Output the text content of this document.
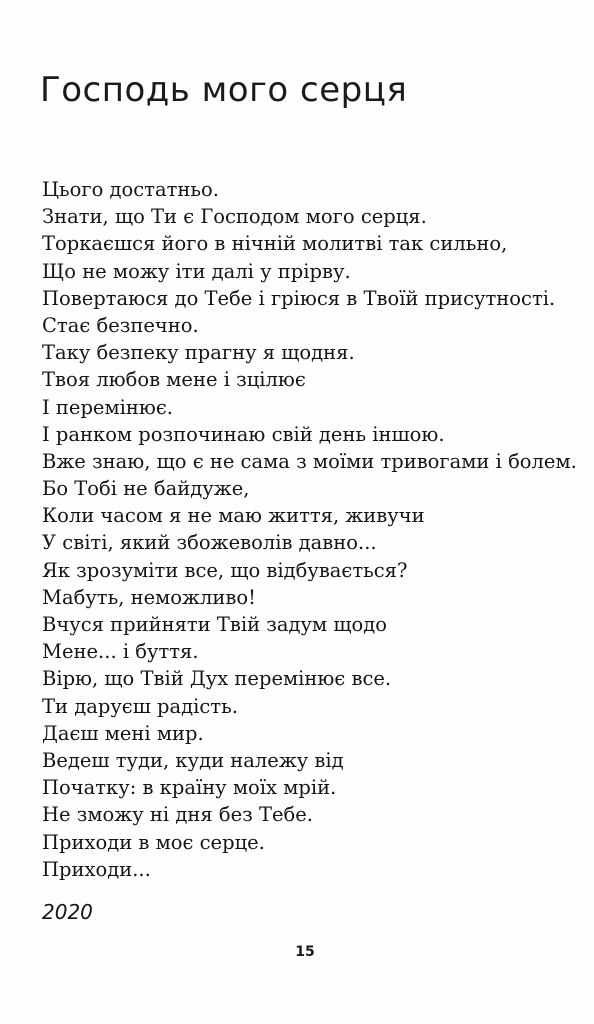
Господь мого серця
Цього достатньо.
Знати, що Ти є Господом мого серця.
Торкаєшся його в нічній молитві так сильно,
Що не можу іти далі у прірву.
Повертаюся до Тебе і гріюся в Твоїй присутності.
Стає безпечно.
Таку безпеку прагну я щодня.
Твоя любов мене і зцілює
І перемінює.
І ранком розпочинаю свій день іншою.
Вже знаю, що є не сама з моїми тривогами і болем.
Бо Тобі не байдуже,
Коли часом я не маю життя, живучи
У світі, який збожеволів давно...
Як зрозуміти все, що відбувається?
Мабуть, неможливо!
Вчуся прийняти Твій задум щодо
Мене... і буття.
Вірю, що Твій Дух перемінює все.
Ти даруєш радість.
Даєш мені мир.
Ведеш туди, куди належу від
Початку: в країну моїх мрій.
Не зможу ні дня без Тебе.
Приходи в моє серце.
Приходи...
2020
15
